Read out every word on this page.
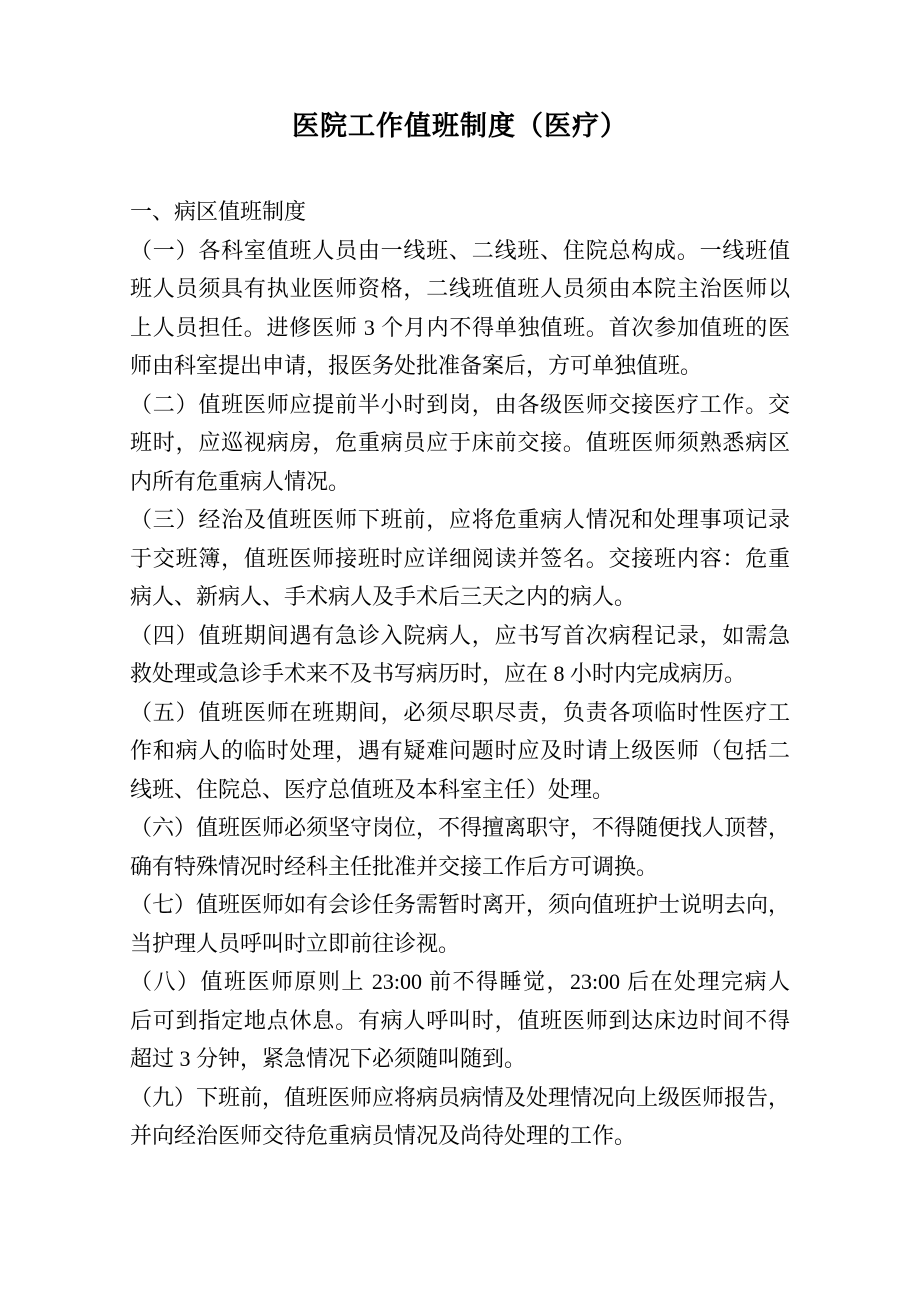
医院工作值班制度（医疗）
一、病区值班制度
（一）各科室值班人员由一线班、二线班、住院总构成。一线班值
班人员须具有执业医师资格，二线班值班人员须由本院主治医师以
上人员担任。进修医师 3 个月内不得单独值班。首次参加值班的医
师由科室提出申请，报医务处批准备案后，方可单独值班。
（二）值班医师应提前半小时到岗，由各级医师交接医疗工作。交
班时，应巡视病房，危重病员应于床前交接。值班医师须熟悉病区
内所有危重病人情况。
（三）经治及值班医师下班前，应将危重病人情况和处理事项记录
于交班簿，值班医师接班时应详细阅读并签名。交接班内容：危重
病人、新病人、手术病人及手术后三天之内的病人。
（四）值班期间遇有急诊入院病人，应书写首次病程记录，如需急
救处理或急诊手术来不及书写病历时，应在 8 小时内完成病历。
（五）值班医师在班期间，必须尽职尽责，负责各项临时性医疗工
作和病人的临时处理，遇有疑难问题时应及时请上级医师（包括二
线班、住院总、医疗总值班及本科室主任）处理。
（六）值班医师必须坚守岗位，不得擅离职守，不得随便找人顶替，
确有特殊情况时经科主任批准并交接工作后方可调换。
（七）值班医师如有会诊任务需暂时离开，须向值班护士说明去向，
当护理人员呼叫时立即前往诊视。
（八）值班医师原则上 23:00 前不得睡觉，23:00 后在处理完病人
后可到指定地点休息。有病人呼叫时，值班医师到达床边时间不得
超过 3 分钟，紧急情况下必须随叫随到。
（九）下班前，值班医师应将病员病情及处理情况向上级医师报告，
并向经治医师交待危重病员情况及尚待处理的工作。
